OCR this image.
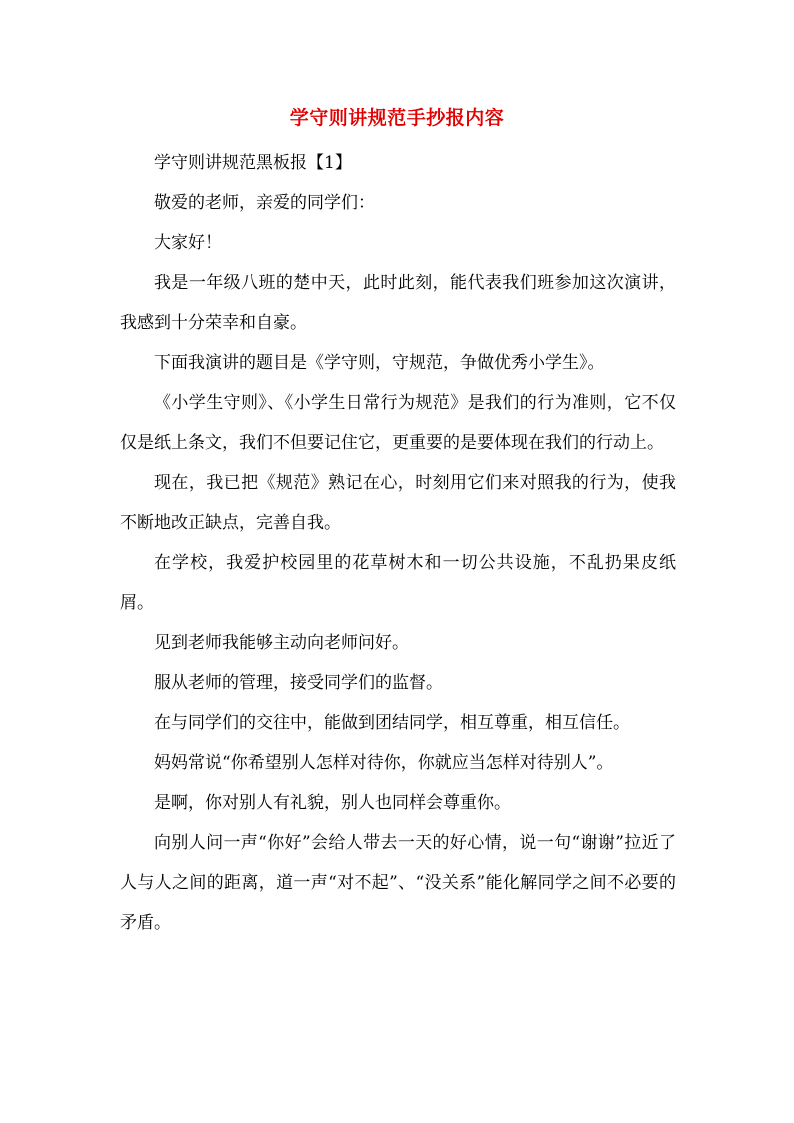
学守则讲规范手抄报内容

学守则讲规范黑板报【1】

敬爱的老师，亲爱的同学们：

大家好！

我是一年级八班的楚中天，此时此刻，能代表我们班参加这次演讲，我感到十分荣幸和自豪。

下面我演讲的题目是《学守则，守规范，争做优秀小学生》。

《小学生守则》、《小学生日常行为规范》是我们的行为准则，它不仅仅是纸上条文，我们不但要记住它，更重要的是要体现在我们的行动上。

现在，我已把《规范》熟记在心，时刻用它们来对照我的行为，使我不断地改正缺点，完善自我。

在学校，我爱护校园里的花草树木和一切公共设施，不乱扔果皮纸屑。

见到老师我能够主动向老师问好。

服从老师的管理，接受同学们的监督。

在与同学们的交往中，能做到团结同学，相互尊重，相互信任。

妈妈常说“你希望别人怎样对待你，你就应当怎样对待别人”。

是啊，你对别人有礼貌，别人也同样会尊重你。

向别人问一声“你好”会给人带去一天的好心情，说一句“谢谢”拉近了人与人之间的距离，道一声“对不起”、“没关系”能化解同学之间不必要的矛盾。
